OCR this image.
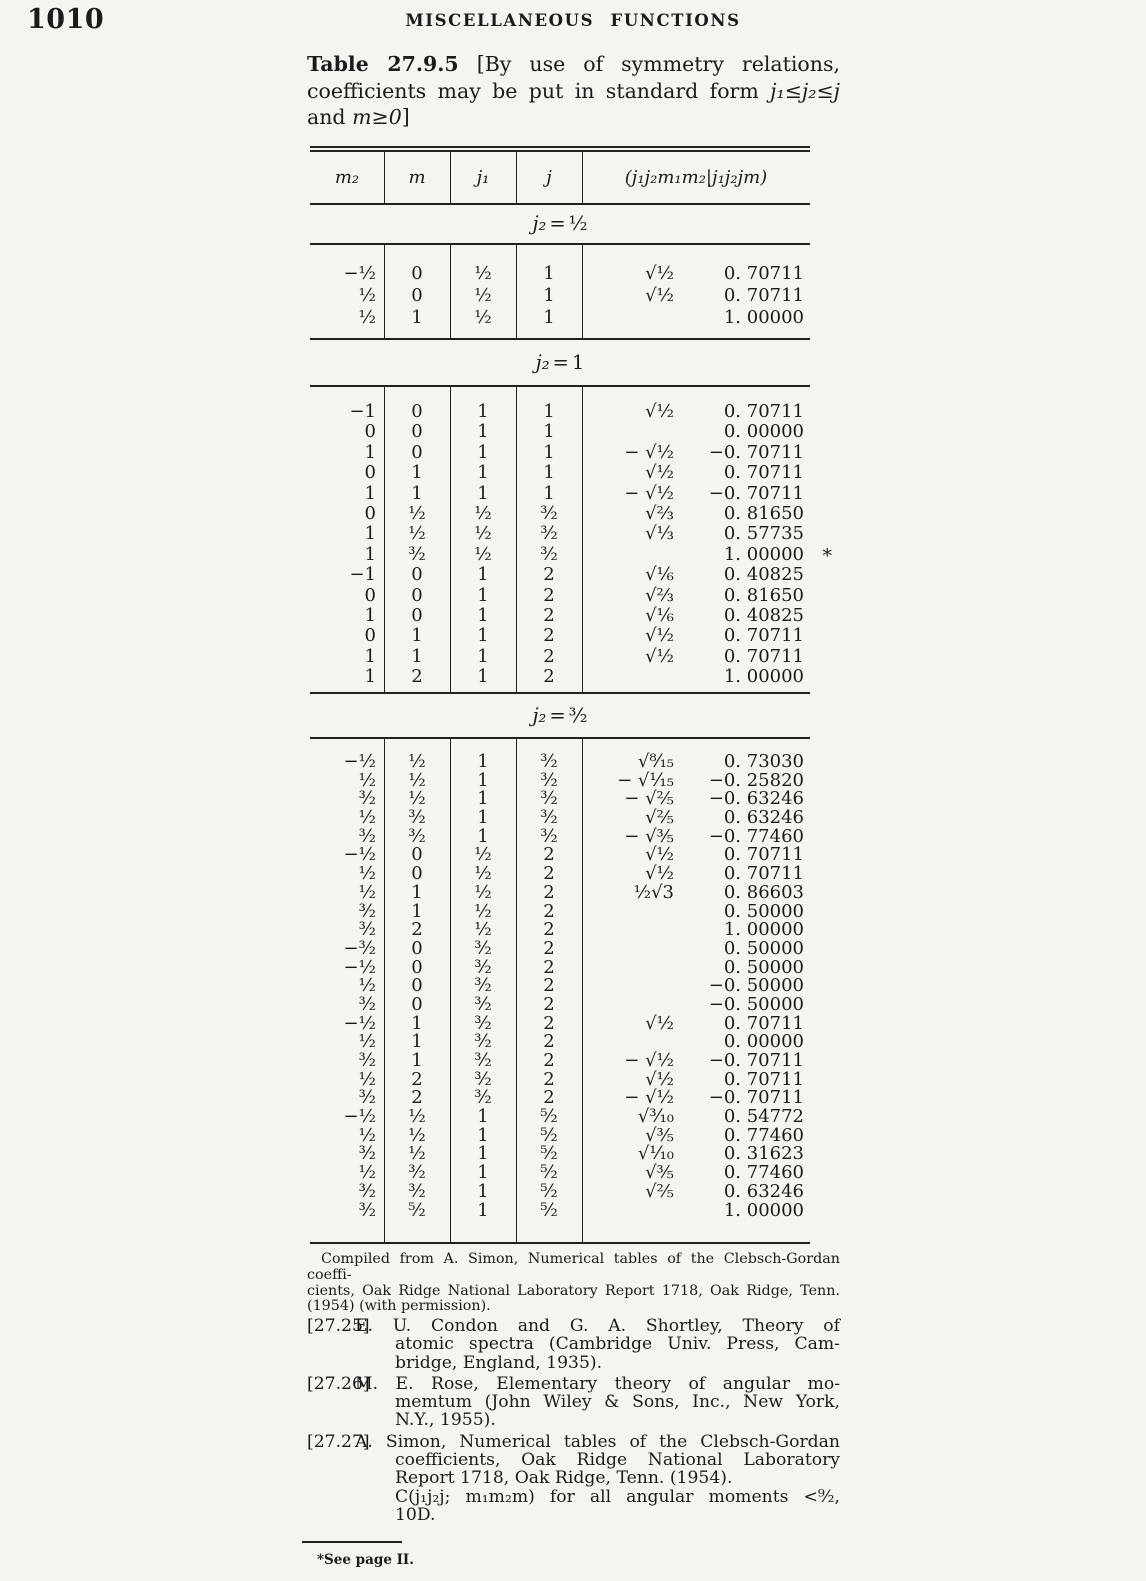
1010	MISCELLANEOUS FUNCTIONS
Table 27.9.5 [By use of symmetry relations,
coefficients may be put in standard form j₁≤j₂≤j
and m≥0]
m₂	m	j₁	j	(j₁j₂m₁m₂|j₁j₂jm)
j₂ = ½
−½	0	½	1	√½	0. 70711
½	0	½	1	√½	0. 70711
½	1	½	1	1. 00000
j₂ = 1
−1	0	1	1	√½	0. 70711
0	0	1	1	0. 00000
1	0	1	1	− √½	−0. 70711
0	1	1	1	√½	0. 70711
1	1	1	1	− √½	−0. 70711
0	½	½	³⁄₂	√⅔	0. 81650
1	½	½	³⁄₂	√⅓	0. 57735
1	³⁄₂	½	³⁄₂	1. 00000 *
−1	0	1	2	√⅙	0. 40825
0	0	1	2	√⅔	0. 81650
1	0	1	2	√⅙	0. 40825
0	1	1	2	√½	0. 70711
1	1	1	2	√½	0. 70711
1	2	1	2	1. 00000
j₂ = ³⁄₂
−½	½	1	³⁄₂	√⁸⁄₁₅	0. 73030
½	½	1	³⁄₂	− √¹⁄₁₅	−0. 25820
³⁄₂	½	1	³⁄₂	− √⅖	−0. 63246
½	³⁄₂	1	³⁄₂	√⅖	0. 63246
³⁄₂	³⁄₂	1	³⁄₂	− √⅗	−0. 77460
−½	0	½	2	√½	0. 70711
½	0	½	2	√½	0. 70711
½	1	½	2	½√3	0. 86603
³⁄₂	1	½	2	0. 50000
³⁄₂	2	½	2	1. 00000
−³⁄₂	0	³⁄₂	2	0. 50000
−½	0	³⁄₂	2	0. 50000
½	0	³⁄₂	2	−0. 50000
³⁄₂	0	³⁄₂	2	−0. 50000
−½	1	³⁄₂	2	√½	0. 70711
½	1	³⁄₂	2	0. 00000
³⁄₂	1	³⁄₂	2	− √½	−0. 70711
½	2	³⁄₂	2	√½	0. 70711
³⁄₂	2	³⁄₂	2	− √½	−0. 70711
−½	½	1	⁵⁄₂	√³⁄₁₀	0. 54772
½	½	1	⁵⁄₂	√⅗	0. 77460
³⁄₂	½	1	⁵⁄₂	√¹⁄₁₀	0. 31623
½	³⁄₂	1	⁵⁄₂	√⅗	0. 77460
³⁄₂	³⁄₂	1	⁵⁄₂	√⅖	0. 63246
³⁄₂	⁵⁄₂	1	⁵⁄₂	1. 00000
Compiled from A. Simon, Numerical tables of the Clebsch-Gordan coeffi-
cients, Oak Ridge National Laboratory Report 1718, Oak Ridge, Tenn.
(1954) (with permission).
[27.25]
E. U. Condon and G. A. Shortley, Theory of
atomic spectra (Cambridge Univ. Press, Cam-
bridge, England, 1935).
[27.26]
M. E. Rose, Elementary theory of angular mo-
memtum (John Wiley & Sons, Inc., New York,
N.Y., 1955).
[27.27]
A. Simon, Numerical tables of the Clebsch-Gordan
coefficients, Oak Ridge National Laboratory
Report 1718, Oak Ridge, Tenn. (1954).
C(j₁j₂j; m₁m₂m) for all angular moments <⁹⁄₂,
10D.
*See page II.
